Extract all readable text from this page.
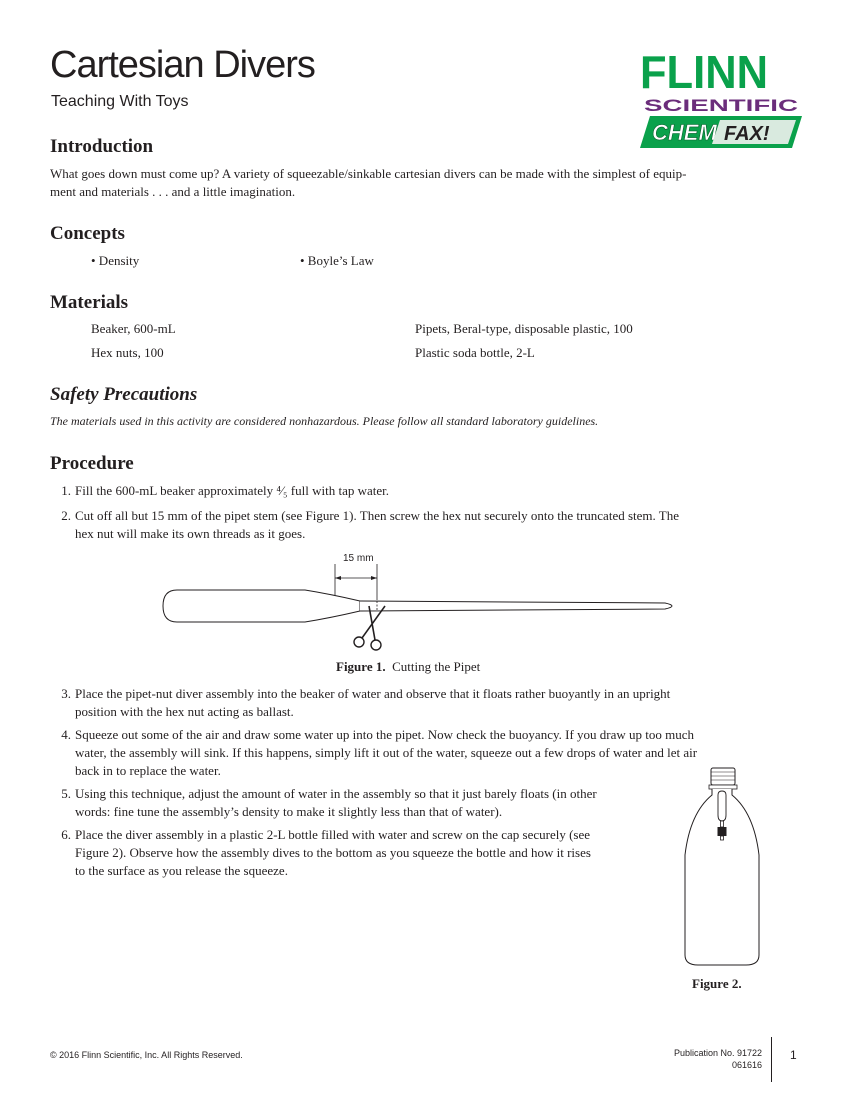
Cartesian Divers

Teaching With Toys

FLINN
SCIENTIFIC
CHEM FAX!
Introduction
What goes down must come up? A variety of squeezable/sinkable cartesian divers can be made with the simplest of equip-
ment and materials . . . and a little imagination.
Concepts
• Density	• Boyle’s Law
Materials
Beaker, 600-mL
Hex nuts, 100
Pipets, Beral-type, disposable plastic, 100
Plastic soda bottle, 2-L
Safety Precautions
The materials used in this activity are considered nonhazardous. Please follow all standard laboratory guidelines.
Procedure
1. Fill the 600-mL beaker approximately ⁴⁄₅ full with tap water.
2. Cut off all but 15 mm of the pipet stem (see Figure 1). Then screw the hex nut securely onto the truncated stem. The
hex nut will make its own threads as it goes.
15 mm
Figure 1. Cutting the Pipet
3. Place the pipet-nut diver assembly into the beaker of water and observe that it floats rather buoyantly in an upright
position with the hex nut acting as ballast.
4. Squeeze out some of the air and draw some water up into the pipet. Now check the buoyancy. If you draw up too much
water, the assembly will sink. If this happens, simply lift it out of the water, squeeze out a few drops of water and let air
back in to replace the water.
5. Using this technique, adjust the amount of water in the assembly so that it just barely floats (in other
words: fine tune the assembly’s density to make it slightly less than that of water).
6. Place the diver assembly in a plastic 2-L bottle filled with water and screw on the cap securely (see
Figure 2). Observe how the assembly dives to the bottom as you squeeze the bottle and how it rises
to the surface as you release the squeeze.
Figure 2.
© 2016 Flinn Scientific, Inc. All Rights Reserved.	Publication No. 91722
061616
1
